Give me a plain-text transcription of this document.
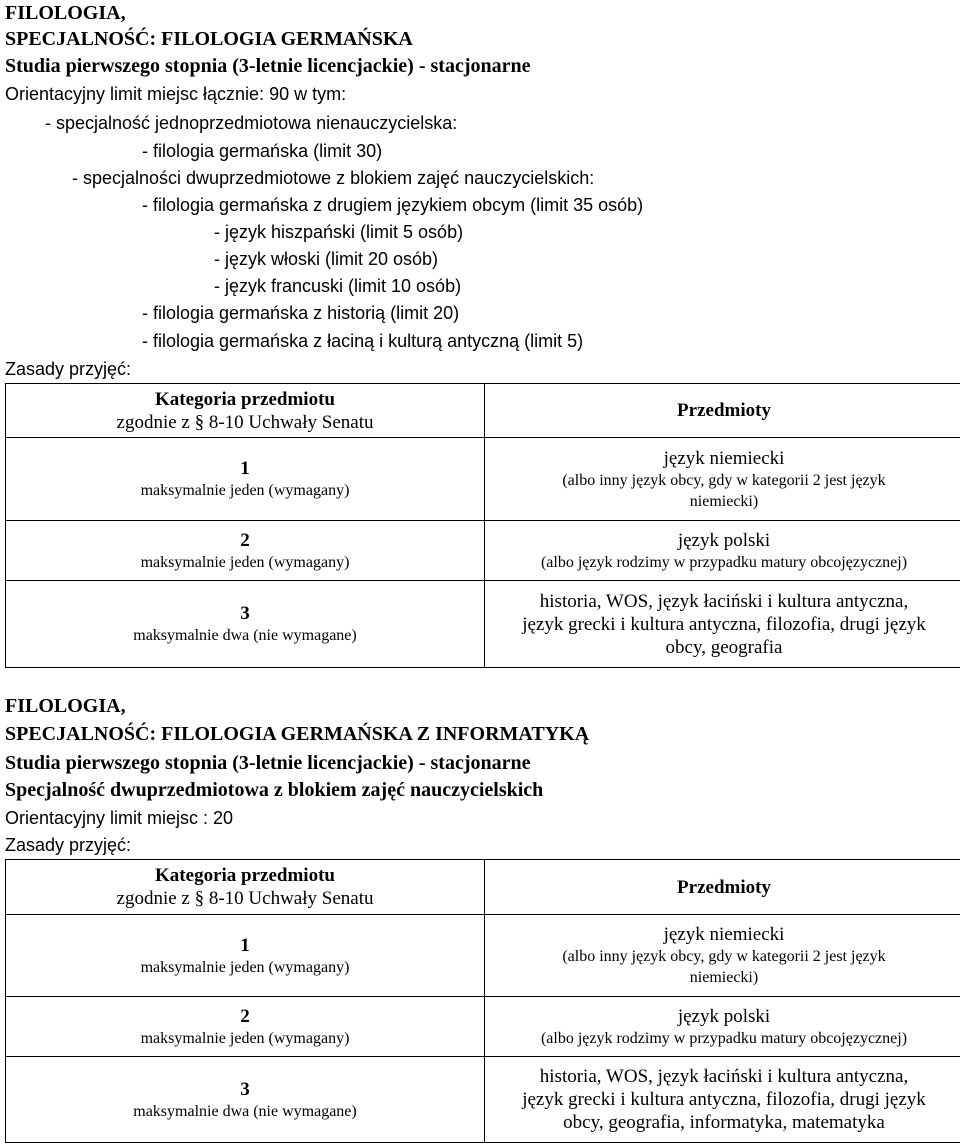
FILOLOGIA,
SPECJALNOŚĆ: FILOLOGIA GERMAŃSKA
Studia pierwszego stopnia (3-letnie licencjackie) - stacjonarne
Orientacyjny limit miejsc łącznie: 90 w tym:
- specjalność jednoprzedmiotowa nienauczycielska:
- filologia germańska (limit 30)
- specjalności dwuprzedmiotowe z blokiem zajęć nauczycielskich:
- filologia germańska z drugiem językiem obcym (limit 35 osób)
- język hiszpański (limit 5 osób)
- język włoski (limit 20 osób)
- język francuski (limit 10 osób)
- filologia germańska z historią (limit 20)
- filologia germańska z łaciną i kulturą antyczną (limit 5)
Zasady przyjęć:
Kategoria przedmiotu
zgodnie z § 8-10 Uchwały Senatu	Przedmioty

1
maksymalnie jeden (wymagany)	język niemiecki
(albo inny język obcy, gdy w kategorii 2 jest język
niemiecki)

2
maksymalnie jeden (wymagany)	język polski
(albo język rodzimy w przypadku matury obcojęzycznej)

3
maksymalnie dwa (nie wymagane)	historia, WOS, język łaciński i kultura antyczna,
język grecki i kultura antyczna, filozofia, drugi język
obcy, geografia
FILOLOGIA,
SPECJALNOŚĆ: FILOLOGIA GERMAŃSKA Z INFORMATYKĄ
Studia pierwszego stopnia (3-letnie licencjackie) - stacjonarne
Specjalność dwuprzedmiotowa z blokiem zajęć nauczycielskich
Orientacyjny limit miejsc : 20
Zasady przyjęć:
Kategoria przedmiotu
zgodnie z § 8-10 Uchwały Senatu	Przedmioty

1
maksymalnie jeden (wymagany)	język niemiecki
(albo inny język obcy, gdy w kategorii 2 jest język
niemiecki)

2
maksymalnie jeden (wymagany)	język polski
(albo język rodzimy w przypadku matury obcojęzycznej)

3
maksymalnie dwa (nie wymagane)	historia, WOS, język łaciński i kultura antyczna,
język grecki i kultura antyczna, filozofia, drugi język
obcy, geografia, informatyka, matematyka
